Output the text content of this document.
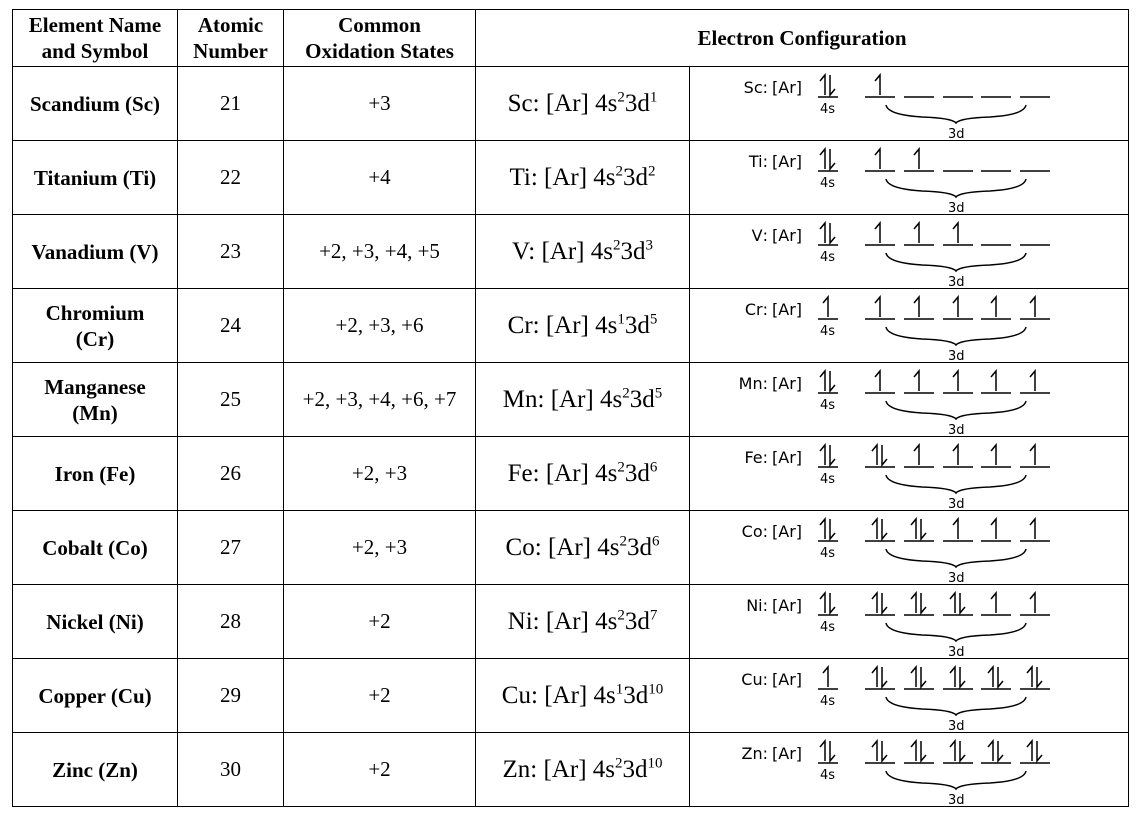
Element Name
and Symbol	Atomic
Number	Common
Oxidation States	Electron Configuration	
Scandium (Sc)	21	+3	Sc: [Ar] $4s^23d^1$	Sc : [Ar]
4s
3d

Titanium (Ti)	22	+4	Ti: [Ar] $4s^23d^2$	Ti : [Ar]
4s
3d

Vanadium (V)	23	+2, +3, +4, +5	V: [Ar] $4s^23d^3$	V : [Ar]
4s
3d

Chromium
(Cr)	24	+2, +3, +6	Cr: [Ar] $4s^13d^5$	Cr : [Ar]
4s
3d

Manganese
(Mn)	25	+2, +3, +4, +6, +7	Mn: [Ar] $4s^23d^5$	Mn : [Ar]
4s
3d

Iron (Fe)	26	+2, +3	Fe: [Ar] $4s^23d^6$	Fe : [Ar]
4s
3d

Cobalt (Co)	27	+2, +3	Co: [Ar] $4s^23d^6$	Co : [Ar]
4s
3d

Nickel (Ni)	28	+2	Ni: [Ar] $4s^23d^7$	Ni : [Ar]
4s
3d

Copper (Cu)	29	+2	Cu: [Ar] $4s^13d^{10}$	Cu : [Ar]
4s
3d

Zinc (Zn)	30	+2	Zn: [Ar] $4s^23d^{10}$	Zn : [Ar]
4s
3d
